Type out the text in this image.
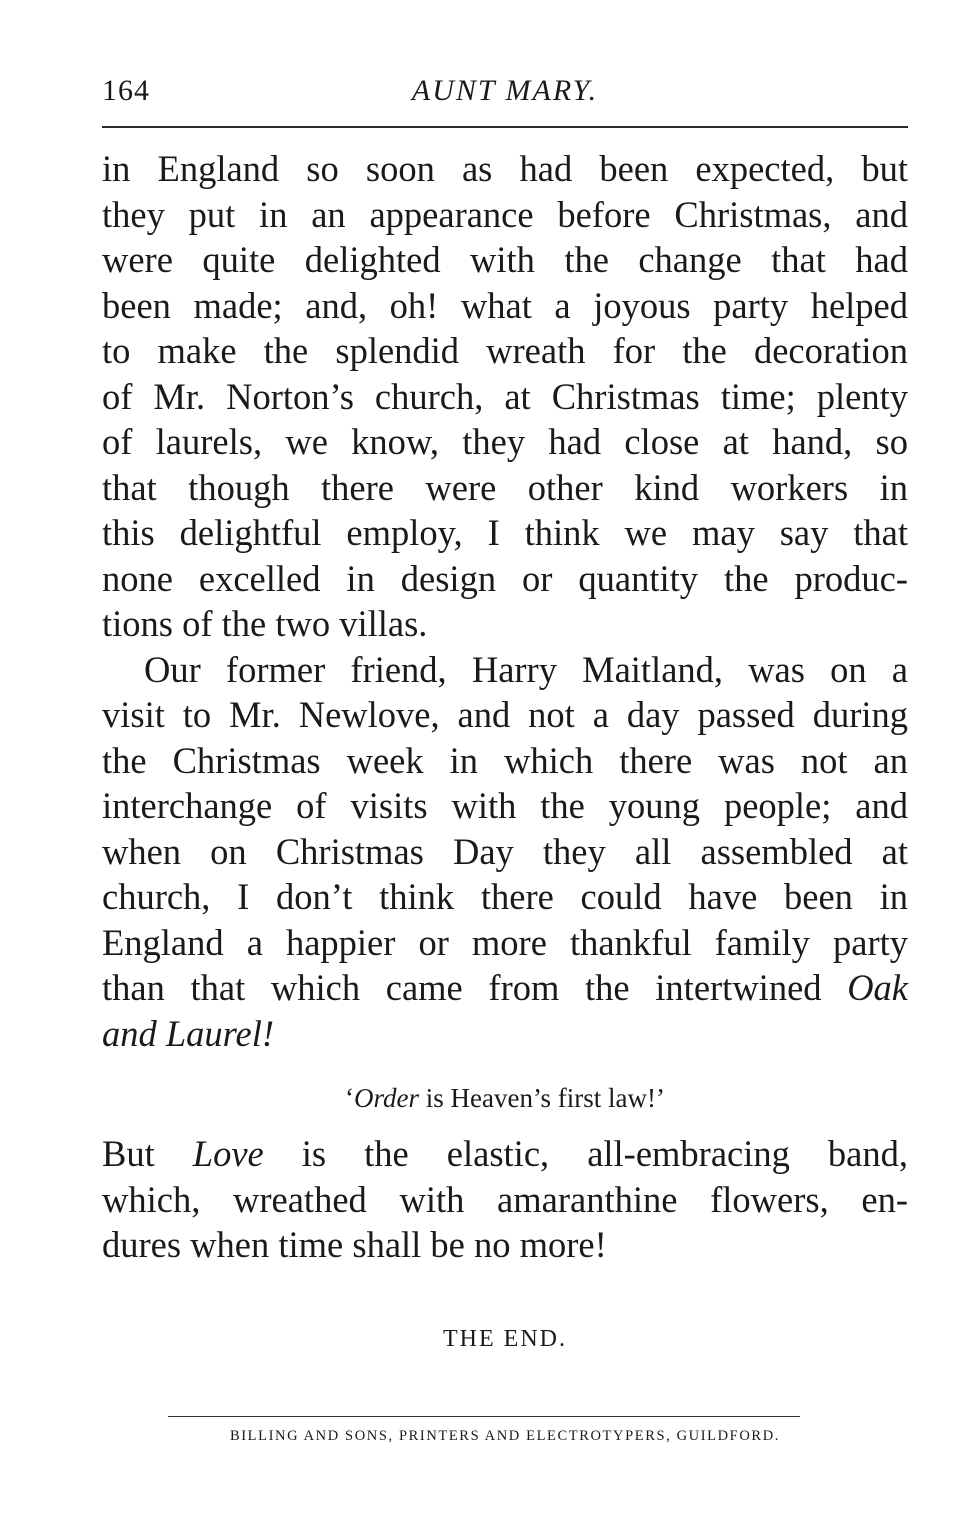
164	AUNT MARY.
in England so soon as had been expected, but
they put in an appearance before Christmas, and
were quite delighted with the change that had
been made; and, oh! what a joyous party helped
to make the splendid wreath for the decoration
of Mr. Norton’s church, at Christmas time; plenty
of laurels, we know, they had close at hand, so
that though there were other kind workers in
this delightful employ, I think we may say that
none excelled in design or quantity the produc-
tions of the two villas.
Our former friend, Harry Maitland, was on a
visit to Mr. Newlove, and not a day passed during
the Christmas week in which there was not an
interchange of visits with the young people; and
when on Christmas Day they all assembled at
church, I don’t think there could have been in
England a happier or more thankful family party
than that which came from the intertwined Oak
and Laurel!
‘Order is Heaven’s first law!’
But Love is the elastic, all-embracing band,
which, wreathed with amaranthine flowers, en-
dures when time shall be no more!
THE END.
BILLING AND SONS, PRINTERS AND ELECTROTYPERS, GUILDFORD.
